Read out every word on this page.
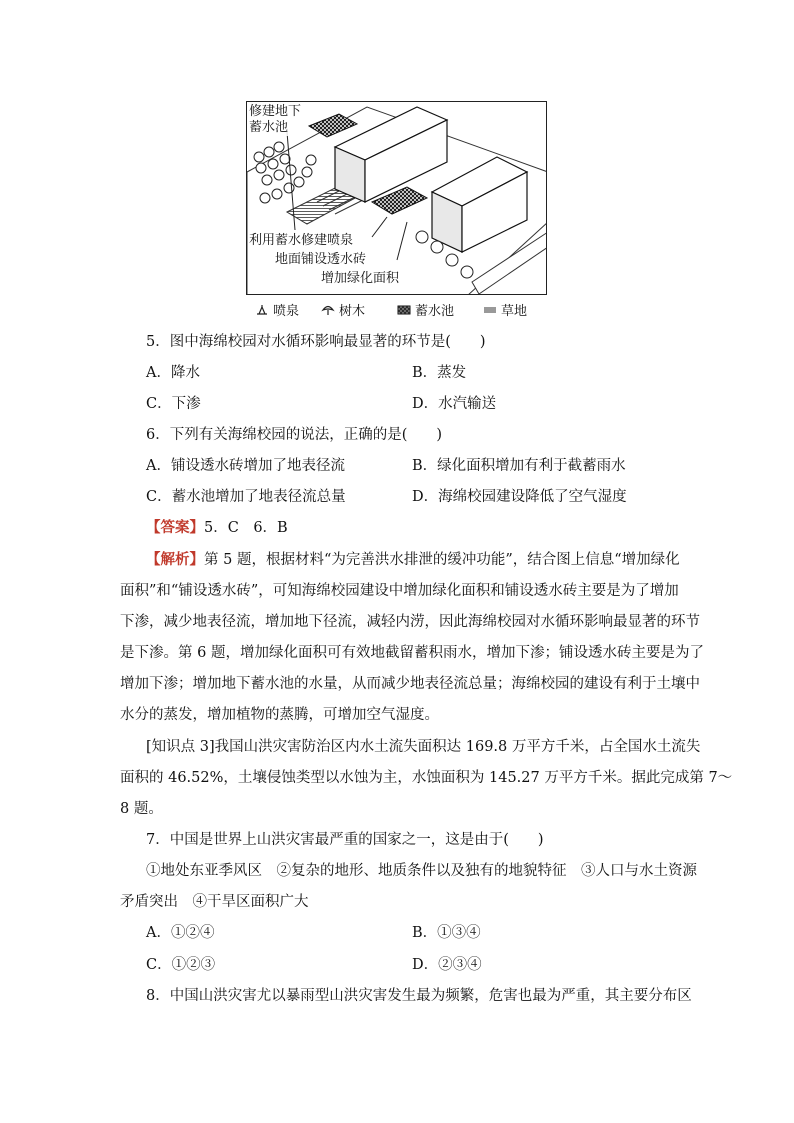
修建地下
蓄水池
利用蓄水修建喷泉
地面铺设透水砖
增加绿化面积
喷泉	树木	蓄水池	草地
5．图中海绵校园对水循环影响最显著的环节是(　　)
A．降水	B．蒸发
C．下渗	D．水汽输送
6．下列有关海绵校园的说法，正确的是(　　)
A．铺设透水砖增加了地表径流	B．绿化面积增加有利于截蓄雨水
C．蓄水池增加了地表径流总量	D．海绵校园建设降低了空气湿度
【答案】5．C　6．B
【解析】第 5 题，根据材料“为完善洪水排泄的缓冲功能”，结合图上信息“增加绿化
面积”和“铺设透水砖”，可知海绵校园建设中增加绿化面积和铺设透水砖主要是为了增加
下渗，减少地表径流，增加地下径流，减轻内涝，因此海绵校园对水循环影响最显著的环节
是下渗。第 6 题，增加绿化面积可有效地截留蓄积雨水，增加下渗；铺设透水砖主要是为了
增加下渗；增加地下蓄水池的水量，从而减少地表径流总量；海绵校园的建设有利于土壤中
水分的蒸发，增加植物的蒸腾，可增加空气湿度。
[知识点 3]我国山洪灾害防治区内水土流失面积达 169.8 万平方千米，占全国水土流失
面积的 46.52%，土壤侵蚀类型以水蚀为主，水蚀面积为 145.27 万平方千米。据此完成第 7～
8 题。
7．中国是世界上山洪灾害最严重的国家之一，这是由于(　　)
①地处东亚季风区　②复杂的地形、地质条件以及独有的地貌特征　③人口与水土资源
矛盾突出　④干旱区面积广大
A．①②④	B．①③④
C．①②③	D．②③④
8．中国山洪灾害尤以暴雨型山洪灾害发生最为频繁，危害也最为严重，其主要分布区
